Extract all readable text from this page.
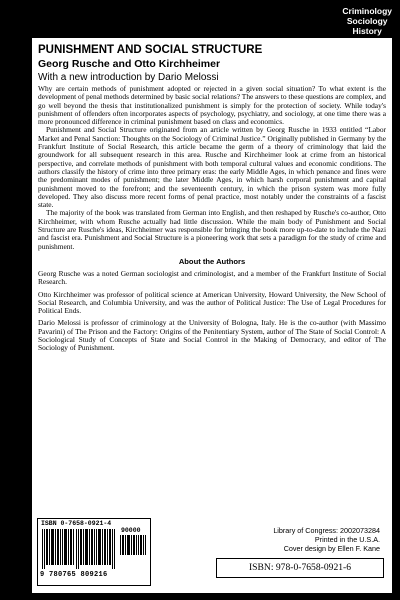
Criminology
Sociology
History
PUNISHMENT AND SOCIAL STRUCTURE
Georg Rusche and Otto Kirchheimer
With a new introduction by Dario Melossi

Why are certain methods of punishment adopted or rejected in a given social situation? To what extent is the development of penal methods determined by basic social relations? The answers to these questions are complex, and go well beyond the thesis that institutionalized punishment is simply for the protection of society. While today's punishment of offenders often incorporates aspects of psychology, psychiatry, and sociology, at one time there was a more pronounced difference in criminal punishment based on class and economics.

Punishment and Social Structure originated from an article written by Georg Rusche in 1933 entitled “Labor Market and Penal Sanction: Thoughts on the Sociology of Criminal Justice.” Originally published in Germany by the Frankfurt Institute of Social Research, this article became the germ of a theory of criminology that laid the groundwork for all subsequent research in this area. Rusche and Kirchheimer look at crime from an historical perspective, and correlate methods of punishment with both temporal cultural values and economic conditions. The authors classify the history of crime into three primary eras: the early Middle Ages, in which penance and fines were the predominant modes of punishment; the later Middle Ages, in which harsh corporal punishment and capital punishment moved to the forefront; and the seventeenth century, in which the prison system was more fully developed. They also discuss more recent forms of penal practice, most notably under the constraints of a fascist state.

The majority of the book was translated from German into English, and then reshaped by Rusche's co-author, Otto Kirchheimer, with whom Rusche actually had little discussion. While the main body of Punishment and Social Structure are Rusche's ideas, Kirchheimer was responsible for bringing the book more up-to-date to include the Nazi and fascist era. Punishment and Social Structure is a pioneering work that sets a paradigm for the study of crime and punishment.

About the Authors

Georg Rusche was a noted German sociologist and criminologist, and a member of the Frankfurt Institute of Social Research.

Otto Kirchheimer was professor of political science at American University, Howard University, the New School of Social Research, and Columbia University, and was the author of Political Justice: The Use of Legal Procedures for Political Ends.

Dario Melossi is professor of criminology at the University of Bologna, Italy. He is the co-author (with Massimo Pavarini) of The Prison and the Factory: Origins of the Penitentiary System, author of The State of Social Control: A Sociological Study of Concepts of State and Social Control in the Making of Democracy, and editor of The Sociology of Punishment.

ISBN 0-7658-0921-4
90000
9 780765 809216
Library of Congress: 2002073284
Printed in the U.S.A.
Cover design by Ellen F. Kane
ISBN: 978-0-7658-0921-6
